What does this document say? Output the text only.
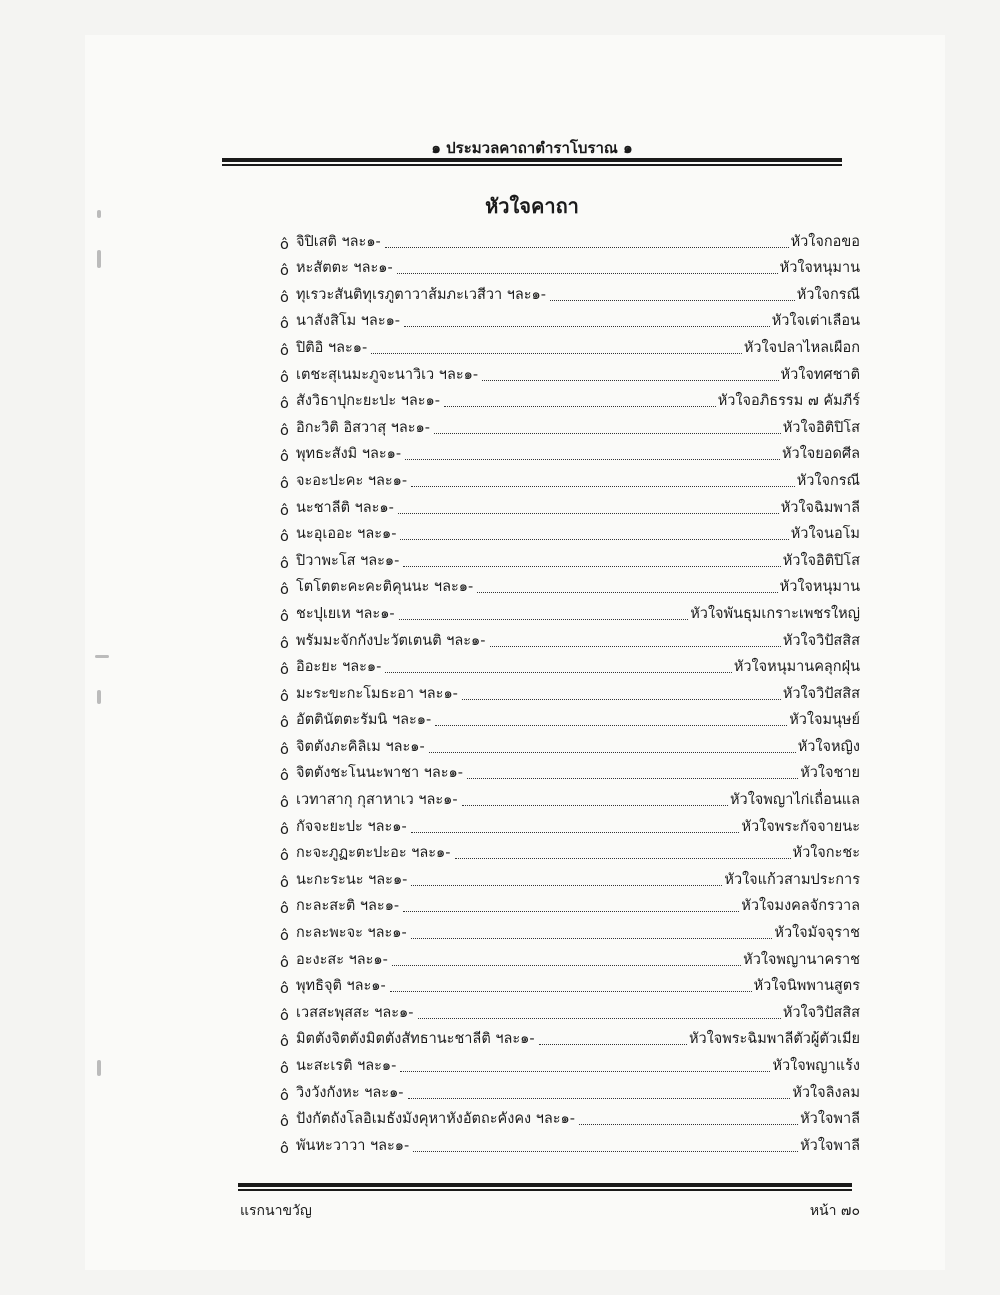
๑ ประมวลคาถาตำราโบราณ ๑
หัวใจคาถา
ô จิปิเสติ ฯละ๑-	หัวใจกอขอ
ô หะสัตตะ ฯละ๑-	หัวใจหนุมาน
ô ทุเรวะสันติทุเรภูตาวาส้มภะเวสีวา ฯละ๑-	หัวใจกรณี
ô นาสังสิโม ฯละ๑-	หัวใจเต่าเลือน
ô ปิติอิ ฯละ๑-	หัวใจปลาไหลเผือก
ô เตชะสุเนมะภูจะนาวิเว ฯละ๑-	หัวใจทศชาติ
ô สังวิธาปุกะยะปะ ฯละ๑-	หัวใจอภิธรรม ๗ คัมภีร์
ô อิกะวิติ อิสวาสุ ฯละ๑-	หัวใจอิติปิโส
ô พุทธะสังมิ ฯละ๑-	หัวใจยอดศีล
ô จะอะปะคะ ฯละ๑-	หัวใจกรณี
ô นะชาลีติ ฯละ๑-	หัวใจฉิมพาลี
ô นะอุเออะ ฯละ๑-	หัวใจนอโม
ô ปิวาพะโส ฯละ๑-	หัวใจอิติปิโส
ô โตโตตะคะคะติคุนนะ ฯละ๑-	หัวใจหนุมาน
ô ชะปุเยเห ฯละ๑-	หัวใจพันธุมเกราะเพชรใหญ่
ô พรัมมะจักกังปะวัตเตนติ ฯละ๑-	หัวใจวิปัสสิส
ô อิอะยะ ฯละ๑-	หัวใจหนุมานคลุกฝุ่น
ô มะระขะกะโมธะอา ฯละ๑-	หัวใจวิปัสสิส
ô อัตตินัตตะรัมนิ ฯละ๑-	หัวใจมนุษย์
ô จิตตังภะคิลิเม ฯละ๑-	หัวใจหญิง
ô จิตตังชะโนนะพาชา ฯละ๑-	หัวใจชาย
ô เวทาสากุ กุสาหาเว ฯละ๑-	หัวใจพญาไก่เถื่อนแล
ô กัจจะยะปะ ฯละ๑-	หัวใจพระกัจจายนะ
ô กะจะภูฏะตะปะอะ ฯละ๑-	หัวใจกะชะ
ô นะกะระนะ ฯละ๑-	หัวใจแก้วสามประการ
ô กะละสะติ ฯละ๑-	หัวใจมงคลจักรวาล
ô กะละพะจะ ฯละ๑-	หัวใจมัจจุราช
ô อะงะสะ ฯละ๑-	หัวใจพญานาคราช
ô พุทธิจุติ ฯละ๑-	หัวใจนิพพานสูตร
ô เวสสะพุสสะ ฯละ๑-	หัวใจวิปัสสิส
ô มิตตังจิตตังมิตตังสัทธานะชาลีติ ฯละ๑-	หัวใจพระฉิมพาลีตัวผู้ตัวเมีย
ô นะสะเรติ ฯละ๑-	หัวใจพญาแร้ง
ô วิงวังกังหะ ฯละ๑-	หัวใจลิงลม
ô ปังกัตถังโลอิเมธังมังคุหาหังอัตถะคังคง ฯละ๑-	หัวใจพาลี
ô พันหะวาวา ฯละ๑-	หัวใจพาลี
แรกนาขวัญ	หน้า ๗๐
